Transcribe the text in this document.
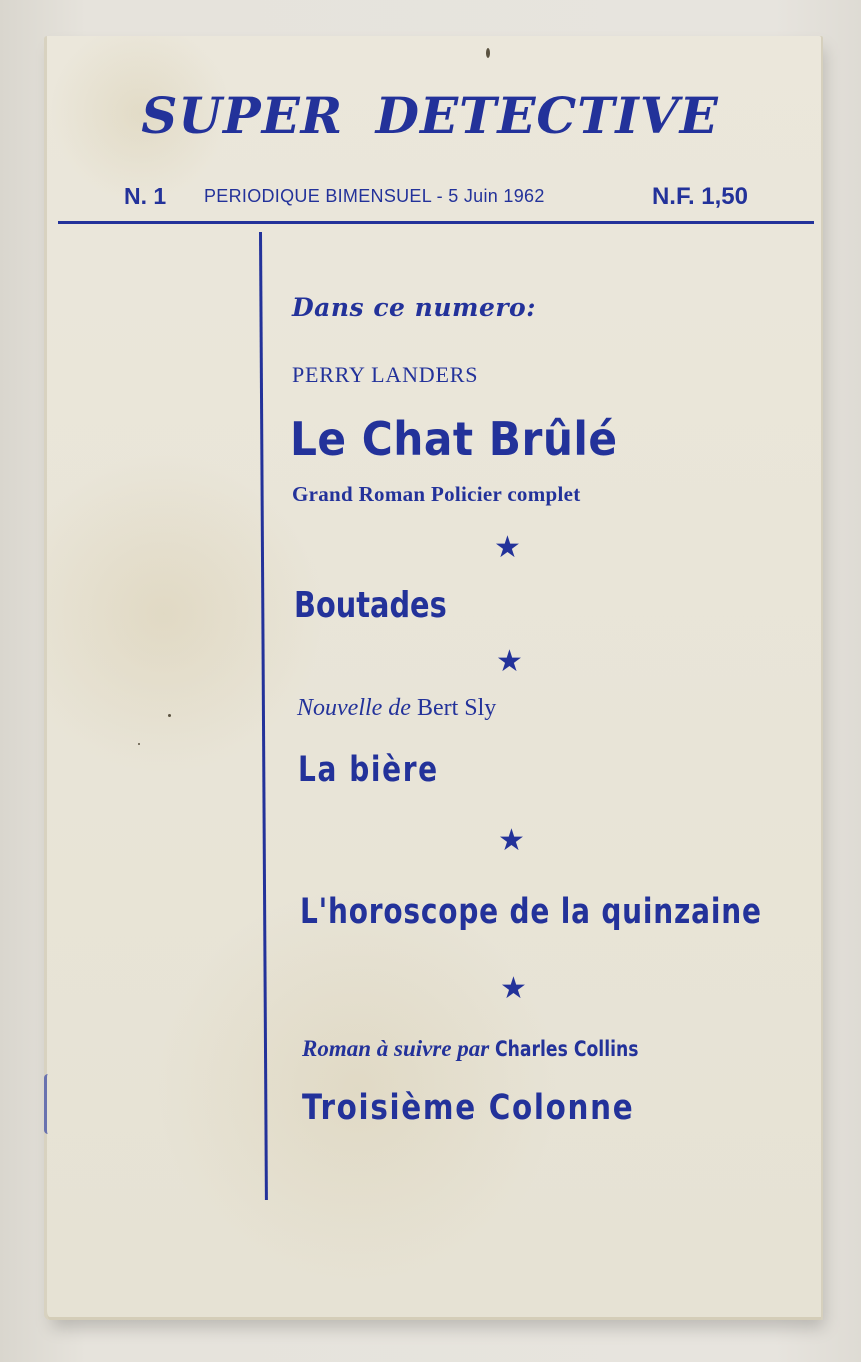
SUPER DETECTIVE
N. 1 PERIODIQUE BIMENSUEL - 5 Juin 1962	N.F. 1,50
Dans ce numero:
PERRY LANDERS
Le Chat Brûlé
Grand Roman Policier complet
★
Boutades
★
Nouvelle de Bert Sly
La bière
★
L'horoscope de la quinzaine
★
Roman à suivre par Charles Collins
Troisième Colonne
